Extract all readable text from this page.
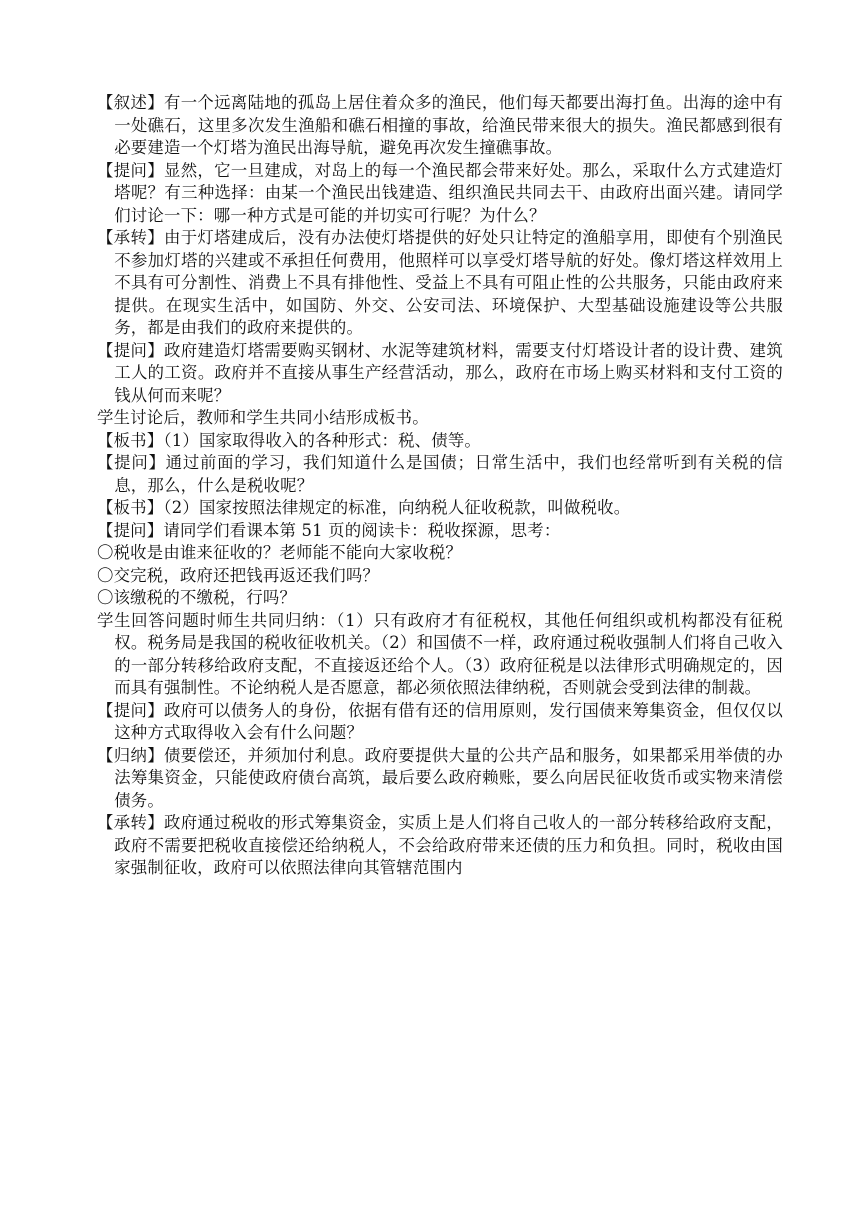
【叙述】有一个远离陆地的孤岛上居住着众多的渔民，他们每天都要出海打鱼。出海的途中有一处礁石，这里多次发生渔船和礁石相撞的事故，给渔民带来很大的损失。渔民都感到很有必要建造一个灯塔为渔民出海导航，避免再次发生撞礁事故。

【提问】显然，它一旦建成，对岛上的每一个渔民都会带来好处。那么，采取什么方式建造灯塔呢？有三种选择：由某一个渔民出钱建造、组织渔民共同去干、由政府出面兴建。请同学们讨论一下：哪一种方式是可能的并切实可行呢？为什么？

【承转】由于灯塔建成后，没有办法使灯塔提供的好处只让特定的渔船享用，即使有个别渔民不参加灯塔的兴建或不承担任何费用，他照样可以享受灯塔导航的好处。像灯塔这样效用上不具有可分割性、消费上不具有排他性、受益上不具有可阻止性的公共服务，只能由政府来提供。在现实生活中，如国防、外交、公安司法、环境保护、大型基础设施建设等公共服务，都是由我们的政府来提供的。

【提问】政府建造灯塔需要购买钢材、水泥等建筑材料，需要支付灯塔设计者的设计费、建筑工人的工资。政府并不直接从事生产经营活动，那么，政府在市场上购买材料和支付工资的钱从何而来呢？

学生讨论后，教师和学生共同小结形成板书。

【板书】（1）国家取得收入的各种形式：税、债等。

【提问】通过前面的学习，我们知道什么是国债；日常生活中，我们也经常听到有关税的信息，那么，什么是税收呢？

【板书】（2）国家按照法律规定的标准，向纳税人征收税款，叫做税收。

【提问】请同学们看课本第 51 页的阅读卡：税收探源，思考：

〇税收是由谁来征收的？老师能不能向大家收税？

〇交完税，政府还把钱再返还我们吗？

〇该缴税的不缴税，行吗？

学生回答问题时师生共同归纳：（1）只有政府才有征税权，其他任何组织或机构都没有征税权。税务局是我国的税收征收机关。（2）和国债不一样，政府通过税收强制人们将自己收入的一部分转移给政府支配，不直接返还给个人。（3）政府征税是以法律形式明确规定的，因而具有强制性。不论纳税人是否愿意，都必须依照法律纳税，否则就会受到法律的制裁。

【提问】政府可以债务人的身份，依据有借有还的信用原则，发行国债来筹集资金，但仅仅以这种方式取得收入会有什么问题？

【归纳】债要偿还，并须加付利息。政府要提供大量的公共产品和服务，如果都采用举债的办法筹集资金，只能使政府债台高筑，最后要么政府赖账，要么向居民征收货币或实物来清偿债务。

【承转】政府通过税收的形式筹集资金，实质上是人们将自己收人的一部分转移给政府支配，政府不需要把税收直接偿还给纳税人，不会给政府带来还债的压力和负担。同时，税收由国家强制征收，政府可以依照法律向其管辖范围内
